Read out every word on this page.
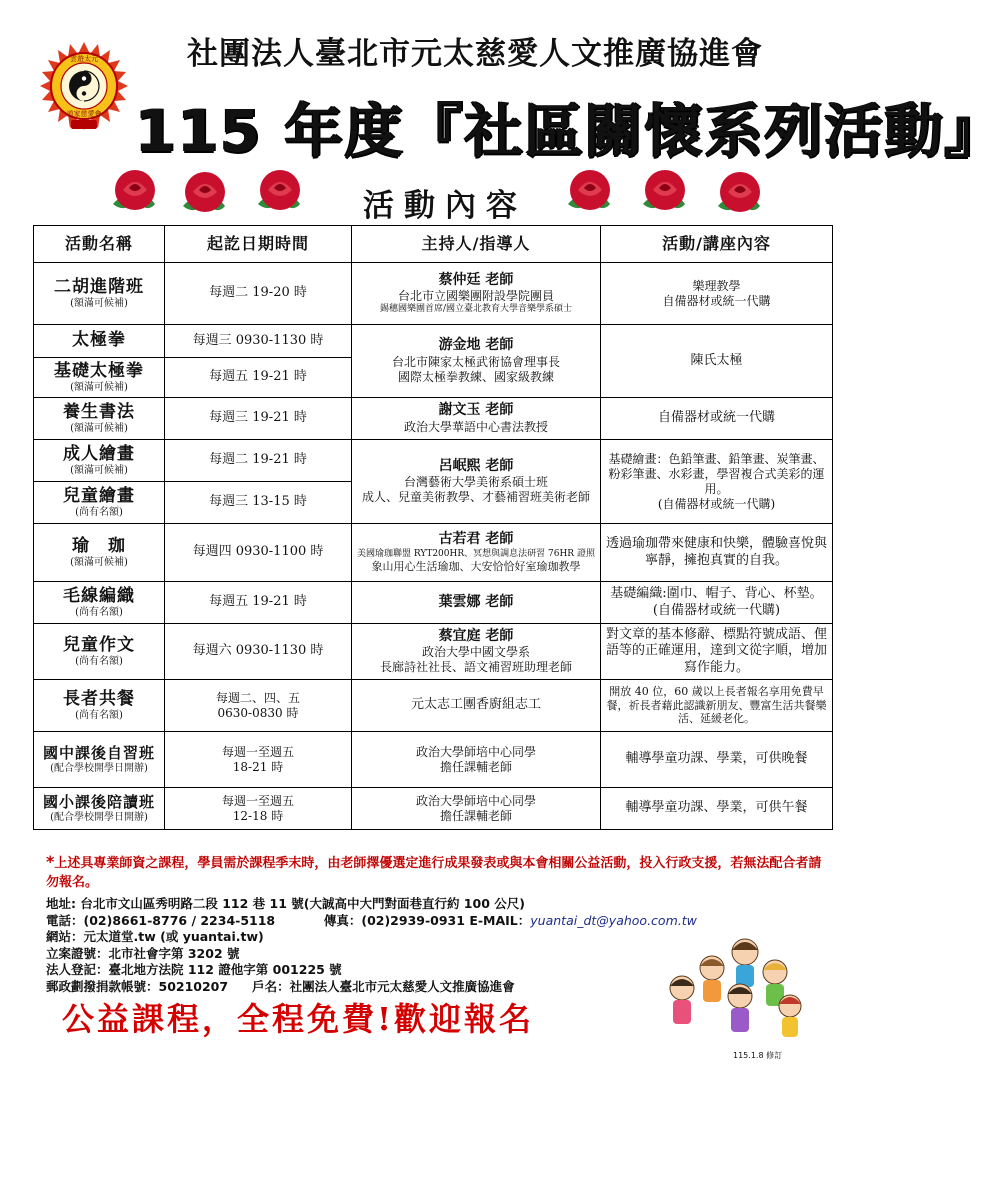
雲遊太元
道家慈愛會
社團法人臺北市元太慈愛人文推廣協進會
115 年度『社區關懷系列活動』
活動內容
活動名稱	起訖日期時間	主持人/指導人	活動/講座內容

二胡進階班
(額滿可候補)	每週二 19-20 時	蔡仲廷 老師
台北市立國樂團附設學院團員
錫穗國樂團首席/國立臺北教育大學音樂學系碩士	樂理教學
自備器材或統一代購

太極拳	每週三 0930-1130 時	游金地 老師
台北市陳家太極武術協會理事長
國際太極拳教練、國家級教練	陳氏太極

基礎太極拳
(額滿可候補)	每週五 19-21 時		

養生書法
(額滿可候補)	每週三 19-21 時	謝文玉 老師
政治大學華語中心書法教授	自備器材或統一代購

成人繪畫
(額滿可候補)	每週二 19-21 時	呂岷熙 老師
台灣藝術大學美術系碩士班
成人、兒童美術教學、才藝補習班美術老師	基礎繪畫：色鉛筆畫、鉛筆畫、炭筆畫、粉彩筆畫、水彩畫，學習複合式美彩的運用。
(自備器材或統一代購)

兒童繪畫
(尚有名額)	每週三 13-15 時		

瑜　珈
(額滿可候補)	每週四 0930-1100 時	古若君 老師
美國瑜珈聯盟 RYT200HR、冥想與調息法研習 76HR 證照
象山用心生活瑜珈、大安恰恰好室瑜珈教學	透過瑜珈帶來健康和快樂，體驗喜悅與寧靜，擁抱真實的自我。

毛線編織
(尚有名額)	每週五 19-21 時	葉雲娜 老師	基礎編織:圍巾、帽子、背心、杯墊。(自備器材或統一代購)

兒童作文
(尚有名額)	每週六 0930-1130 時	蔡宜庭 老師
政治大學中國文學系
長廊詩社社長、語文補習班助理老師	對文章的基本修辭、標點符號成語、俚語等的正確運用，達到文從字順，增加寫作能力。

長者共餐
(尚有名額)	每週二、四、五
0630-0830 時	元太志工團香廚組志工	開放 40 位，60 歲以上長者報名享用免費早餐，祈長者藉此認識新朋友、豐富生活共餐樂活、延緩老化。

國中課後自習班
(配合學校開學日開辦)	每週一至週五
18-21 時	政治大學師培中心同學
擔任課輔老師	輔導學童功課、學業，可供晚餐

國小課後陪讀班
(配合學校開學日開辦)	每週一至週五
12-18 時	政治大學師培中心同學
擔任課輔老師	輔導學童功課、學業，可供午餐
*上述具專業師資之課程，學員需於課程季末時，由老師擇優選定進行成果發表或與本會相關公益活動，投入行政支援，若無法配合者請勿報名。
地址: 台北市文山區秀明路二段 112 巷 11 號(大誠高中大門對面巷直行約 100 公尺)
電話：(02)8661-8776 / 2234-5118	傳真：(02)2939-0931 E-MAIL：yuantai_dt@yahoo.com.tw
網站：元太道堂.tw (或 yuantai.tw)
立案證號：北市社會字第 3202 號
法人登記：臺北地方法院 112 證他字第 001225 號
郵政劃撥捐款帳號：50210207 戶名：社團法人臺北市元太慈愛人文推廣協進會
公益課程，全程免費!歡迎報名
115.1.8 修訂
